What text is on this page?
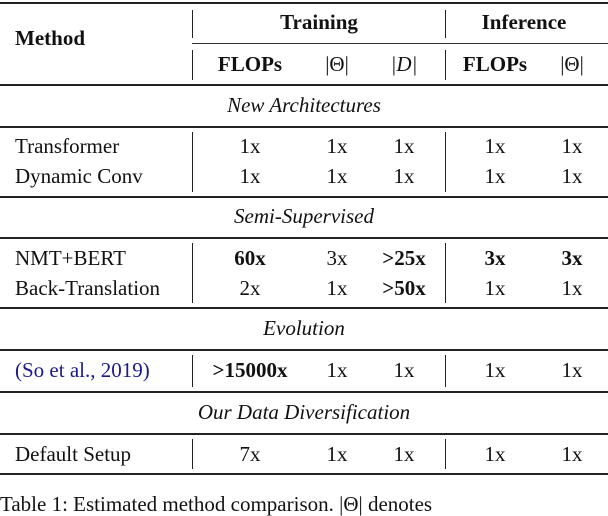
Method
Training	Inference
FLOPs |Θ| |D| FLOPs |Θ|
New Architectures
Transformer	1x	1x 1x	1x	1x
Dynamic Conv	1x	1x 1x	1x	1x
Semi-Supervised
NMT+BERT	60x	3x >25x	3x	3x
Back-Translation	2x	1x >50x	1x	1x
Evolution
(So et al., 2019)	>15000x 1x 1x	1x	1x
Our Data Diversification
Default Setup	7x	1x 1x	1x	1x
Table 1: Estimated method comparison. |Θ| denotes
